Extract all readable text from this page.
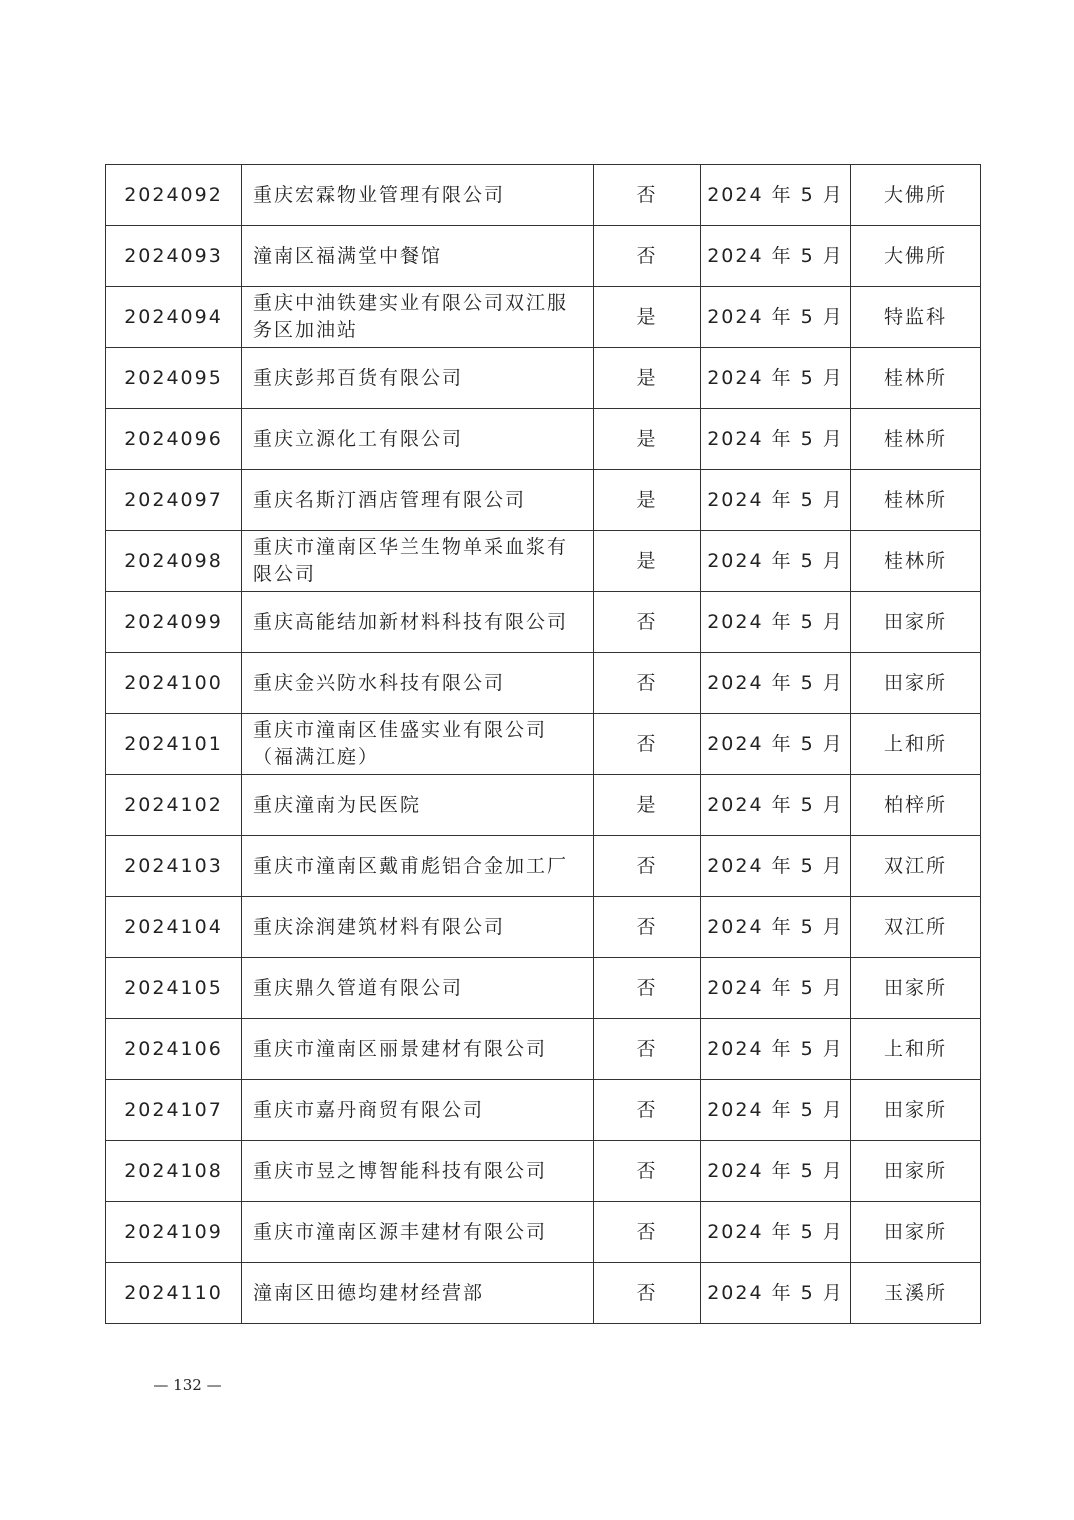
2024092	重庆宏霖物业管理有限公司	否	2024 年 5 月	大佛所
2024093	潼南区福满堂中餐馆	否	2024 年 5 月	大佛所
2024094	重庆中油铁建实业有限公司双江服务区加油站	是	2024 年 5 月	特监科
2024095	重庆彭邦百货有限公司	是	2024 年 5 月	桂林所
2024096	重庆立源化工有限公司	是	2024 年 5 月	桂林所
2024097	重庆名斯汀酒店管理有限公司	是	2024 年 5 月	桂林所
2024098	重庆市潼南区华兰生物单采血浆有限公司	是	2024 年 5 月	桂林所
2024099	重庆高能结加新材料科技有限公司	否	2024 年 5 月	田家所
2024100	重庆金兴防水科技有限公司	否	2024 年 5 月	田家所
2024101	重庆市潼南区佳盛实业有限公司（福满江庭）	否	2024 年 5 月	上和所
2024102	重庆潼南为民医院	是	2024 年 5 月	柏梓所
2024103	重庆市潼南区戴甫彪铝合金加工厂	否	2024 年 5 月	双江所
2024104	重庆涂润建筑材料有限公司	否	2024 年 5 月	双江所
2024105	重庆鼎久管道有限公司	否	2024 年 5 月	田家所
2024106	重庆市潼南区丽景建材有限公司	否	2024 年 5 月	上和所
2024107	重庆市嘉丹商贸有限公司	否	2024 年 5 月	田家所
2024108	重庆市昱之博智能科技有限公司	否	2024 年 5 月	田家所
2024109	重庆市潼南区源丰建材有限公司	否	2024 年 5 月	田家所
2024110	潼南区田德均建材经营部	否	2024 年 5 月	玉溪所
— 132 —
